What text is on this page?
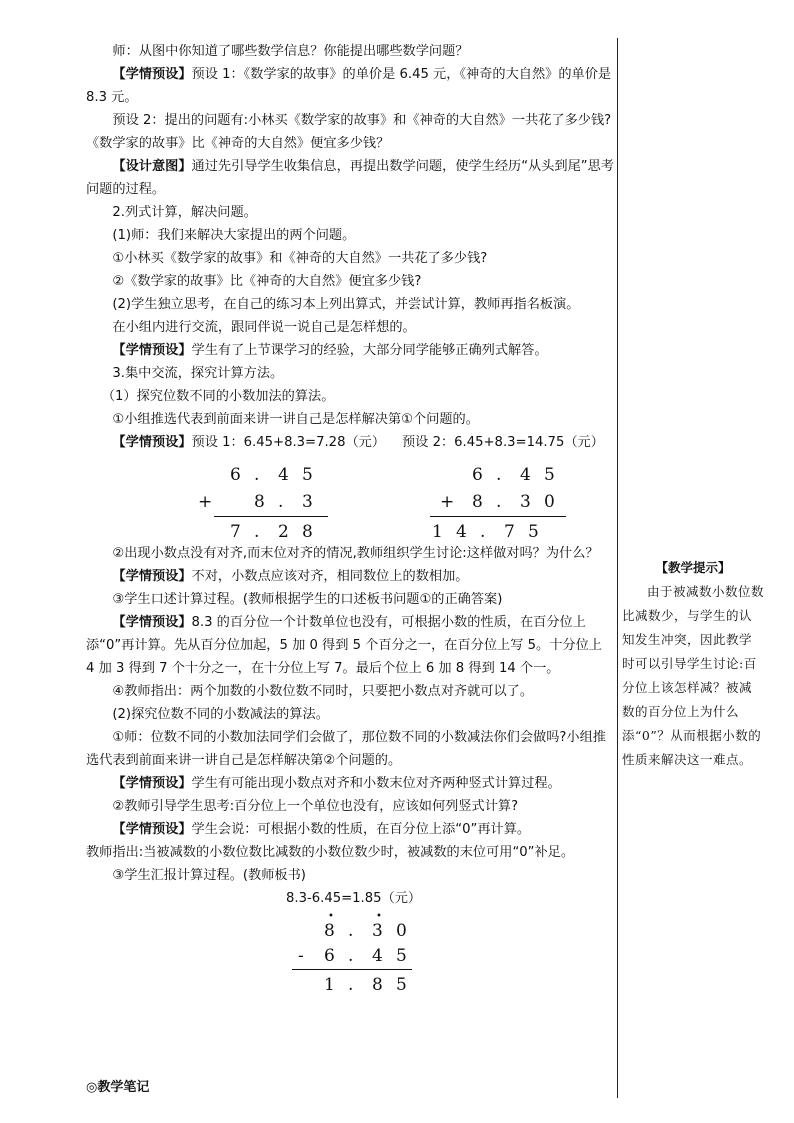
师：从图中你知道了哪些数学信息？你能提出哪些数学问题？

【学情预设】预设 1：《数学家的故事》的单价是 6.45 元，《神奇的大自然》的单价是 8.3 元。

预设 2：提出的问题有:小林买《数学家的故事》和《神奇的大自然》一共花了多少钱?《数学家的故事》比《神奇的大自然》便宜多少钱？

【设计意图】通过先引导学生收集信息，再提出数学问题，使学生经历“从头到尾”思考问题的过程。

2.列式计算，解决问题。

(1)师：我们来解决大家提出的两个问题。

①小林买《数学家的故事》和《神奇的大自然》一共花了多少钱?

②《数学家的故事》比《神奇的大自然》便宜多少钱?

(2)学生独立思考，在自己的练习本上列出算式，并尝试计算，教师再指名板演。

在小组内进行交流，跟同伴说一说自己是怎样想的。

【学情预设】学生有了上节课学习的经验，大部分同学能够正确列式解答。

3.集中交流，探究计算方法。

（1）探究位数不同的小数加法的算法。

①小组推选代表到前面来讲一讲自己是怎样解决第①个问题的。

【学情预设】预设 1：6.45+8.3=7.28（元） 预设 2：6.45+8.3=14.75（元）

6 . 4 5
+ 8 . 3
7 . 2 8
6 . 4 5
+ 8 . 3 0
1 4 . 7 5

②出现小数点没有对齐,而末位对齐的情况,教师组织学生讨论:这样做对吗？为什么？

【学情预设】不对，小数点应该对齐，相同数位上的数相加。

③学生口述计算过程。(教师根据学生的口述板书问题①的正确答案)

【学情预设】8.3 的百分位一个计数单位也没有，可根据小数的性质，在百分位上添“0”再计算。先从百分位加起，5 加 0 得到 5 个百分之一，在百分位上写 5。十分位上 4 加 3 得到 7 个十分之一，在十分位上写 7。最后个位上 6 加 8 得到 14 个一。

④教师指出：两个加数的小数位数不同时，只要把小数点对齐就可以了。

(2)探究位数不同的小数减法的算法。

①师：位数不同的小数加法同学们会做了，那位数不同的小数减法你们会做吗?小组推选代表到前面来讲一讲自己是怎样解决第②个问题的。

【学情预设】学生有可能出现小数点对齐和小数末位对齐两种竖式计算过程。

②教师引导学生思考:百分位上一个单位也没有，应该如何列竖式计算?

【学情预设】学生会说：可根据小数的性质，在百分位上添“0”再计算。

教师指出:当被减数的小数位数比减数的小数位数少时，被减数的末位可用“0”补足。

③学生汇报计算过程。(教师板书)

8.3-6.45=1.85（元）

•	•
8 . 3 0
- 6 . 4 5
1 . 8 5

【教学提示】

由于被减数小数位数比减数少，与学生的认知发生冲突，因此教学时可以引导学生讨论:百分位上该怎样减？被减数的百分位上为什么添“0”？从而根据小数的性质来解决这一难点。

◎教学笔记
